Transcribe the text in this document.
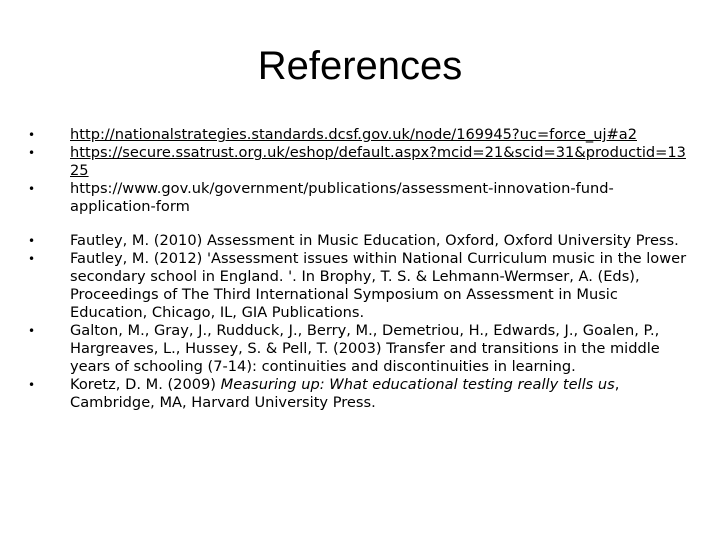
References
•	http://nationalstrategies.standards.dcsf.gov.uk/node/169945?uc=force_uj#a2
•	https://secure.ssatrust.org.uk/eshop/default.aspx?mcid=21&scid=31&productid=1325
•	https://www.gov.uk/government/publications/assessment-innovation-fund-application-form
•	Fautley, M. (2010) Assessment in Music Education, Oxford, Oxford University Press.
•	Fautley, M. (2012) 'Assessment issues within National Curriculum music in the lower secondary school in England. '. In Brophy, T. S. & Lehmann-Wermser, A. (Eds), Proceedings of The Third International Symposium on Assessment in Music Education, Chicago, IL, GIA Publications.
•	Galton, M., Gray, J., Rudduck, J., Berry, M., Demetriou, H., Edwards, J., Goalen, P., Hargreaves, L., Hussey, S. & Pell, T. (2003) Transfer and transitions in the middle years of schooling (7-14): continuities and discontinuities in learning.
•	Koretz, D. M. (2009) Measuring up: What educational testing really tells us, Cambridge, MA, Harvard University Press.
